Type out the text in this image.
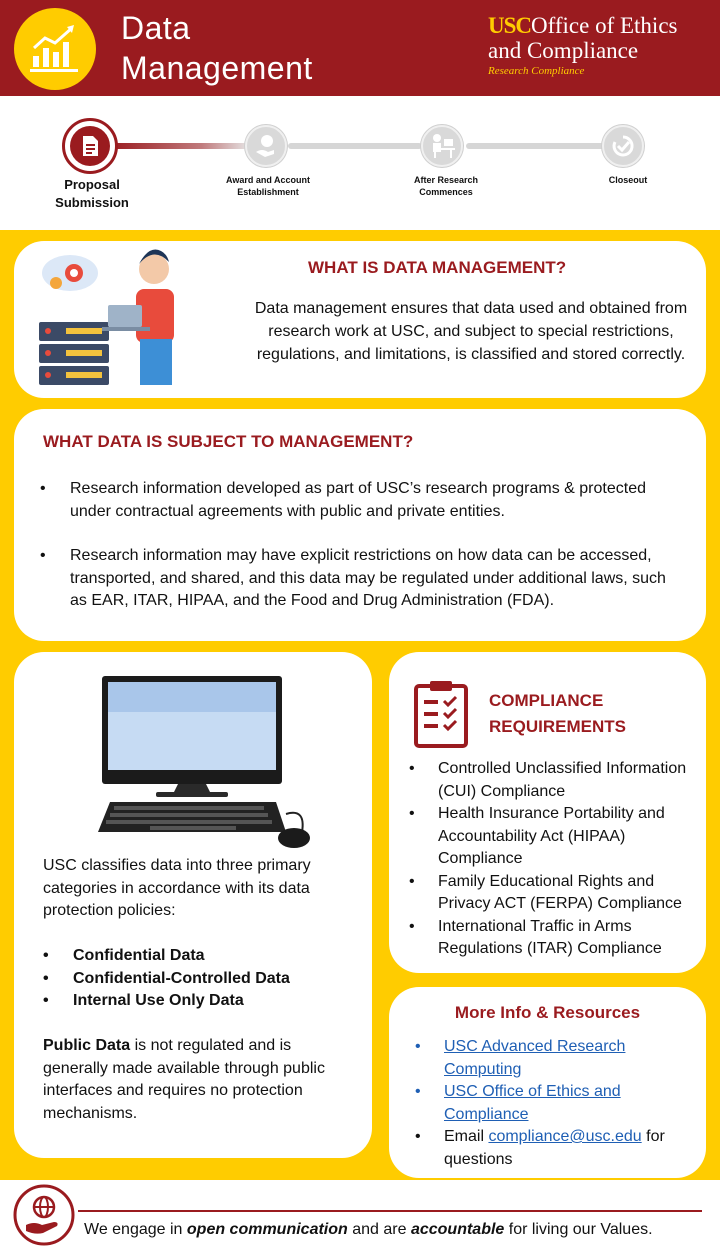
Data
Management
USCOffice of Ethics
and Compliance
Research Compliance
Proposal Submission
Award and Account Establishment
After Research Commences
Closeout
WHAT IS DATA MANAGEMENT?
Data management ensures that data used and obtained from research work at USC, and subject to special restrictions, regulations, and limitations, is classified and stored correctly.
WHAT DATA IS SUBJECT TO MANAGEMENT?
• Research information developed as part of USC’s research programs & protected under contractual agreements with public and private entities.
• Research information may have explicit restrictions on how data can be accessed, transported, and shared, and this data may be regulated under additional laws, such as EAR, ITAR, HIPAA, and the Food and Drug Administration (FDA).
USC classifies data into three primary categories in accordance with its data protection policies:
• Confidential Data
• Confidential-Controlled Data
• Internal Use Only Data
Public Data is not regulated and is generally made available through public interfaces and requires no protection mechanisms.
COMPLIANCE
REQUIREMENTS
• Controlled Unclassified Information (CUI) Compliance
• Health Insurance Portability and Accountability Act (HIPAA) Compliance
• Family Educational Rights and Privacy ACT (FERPA) Compliance
• International Traffic in Arms Regulations (ITAR) Compliance
More Info & Resources
• USC Advanced Research Computing
• USC Office of Ethics and Compliance
• Email compliance@usc.edu for questions
We engage in open communication and are accountable for living our Values.
